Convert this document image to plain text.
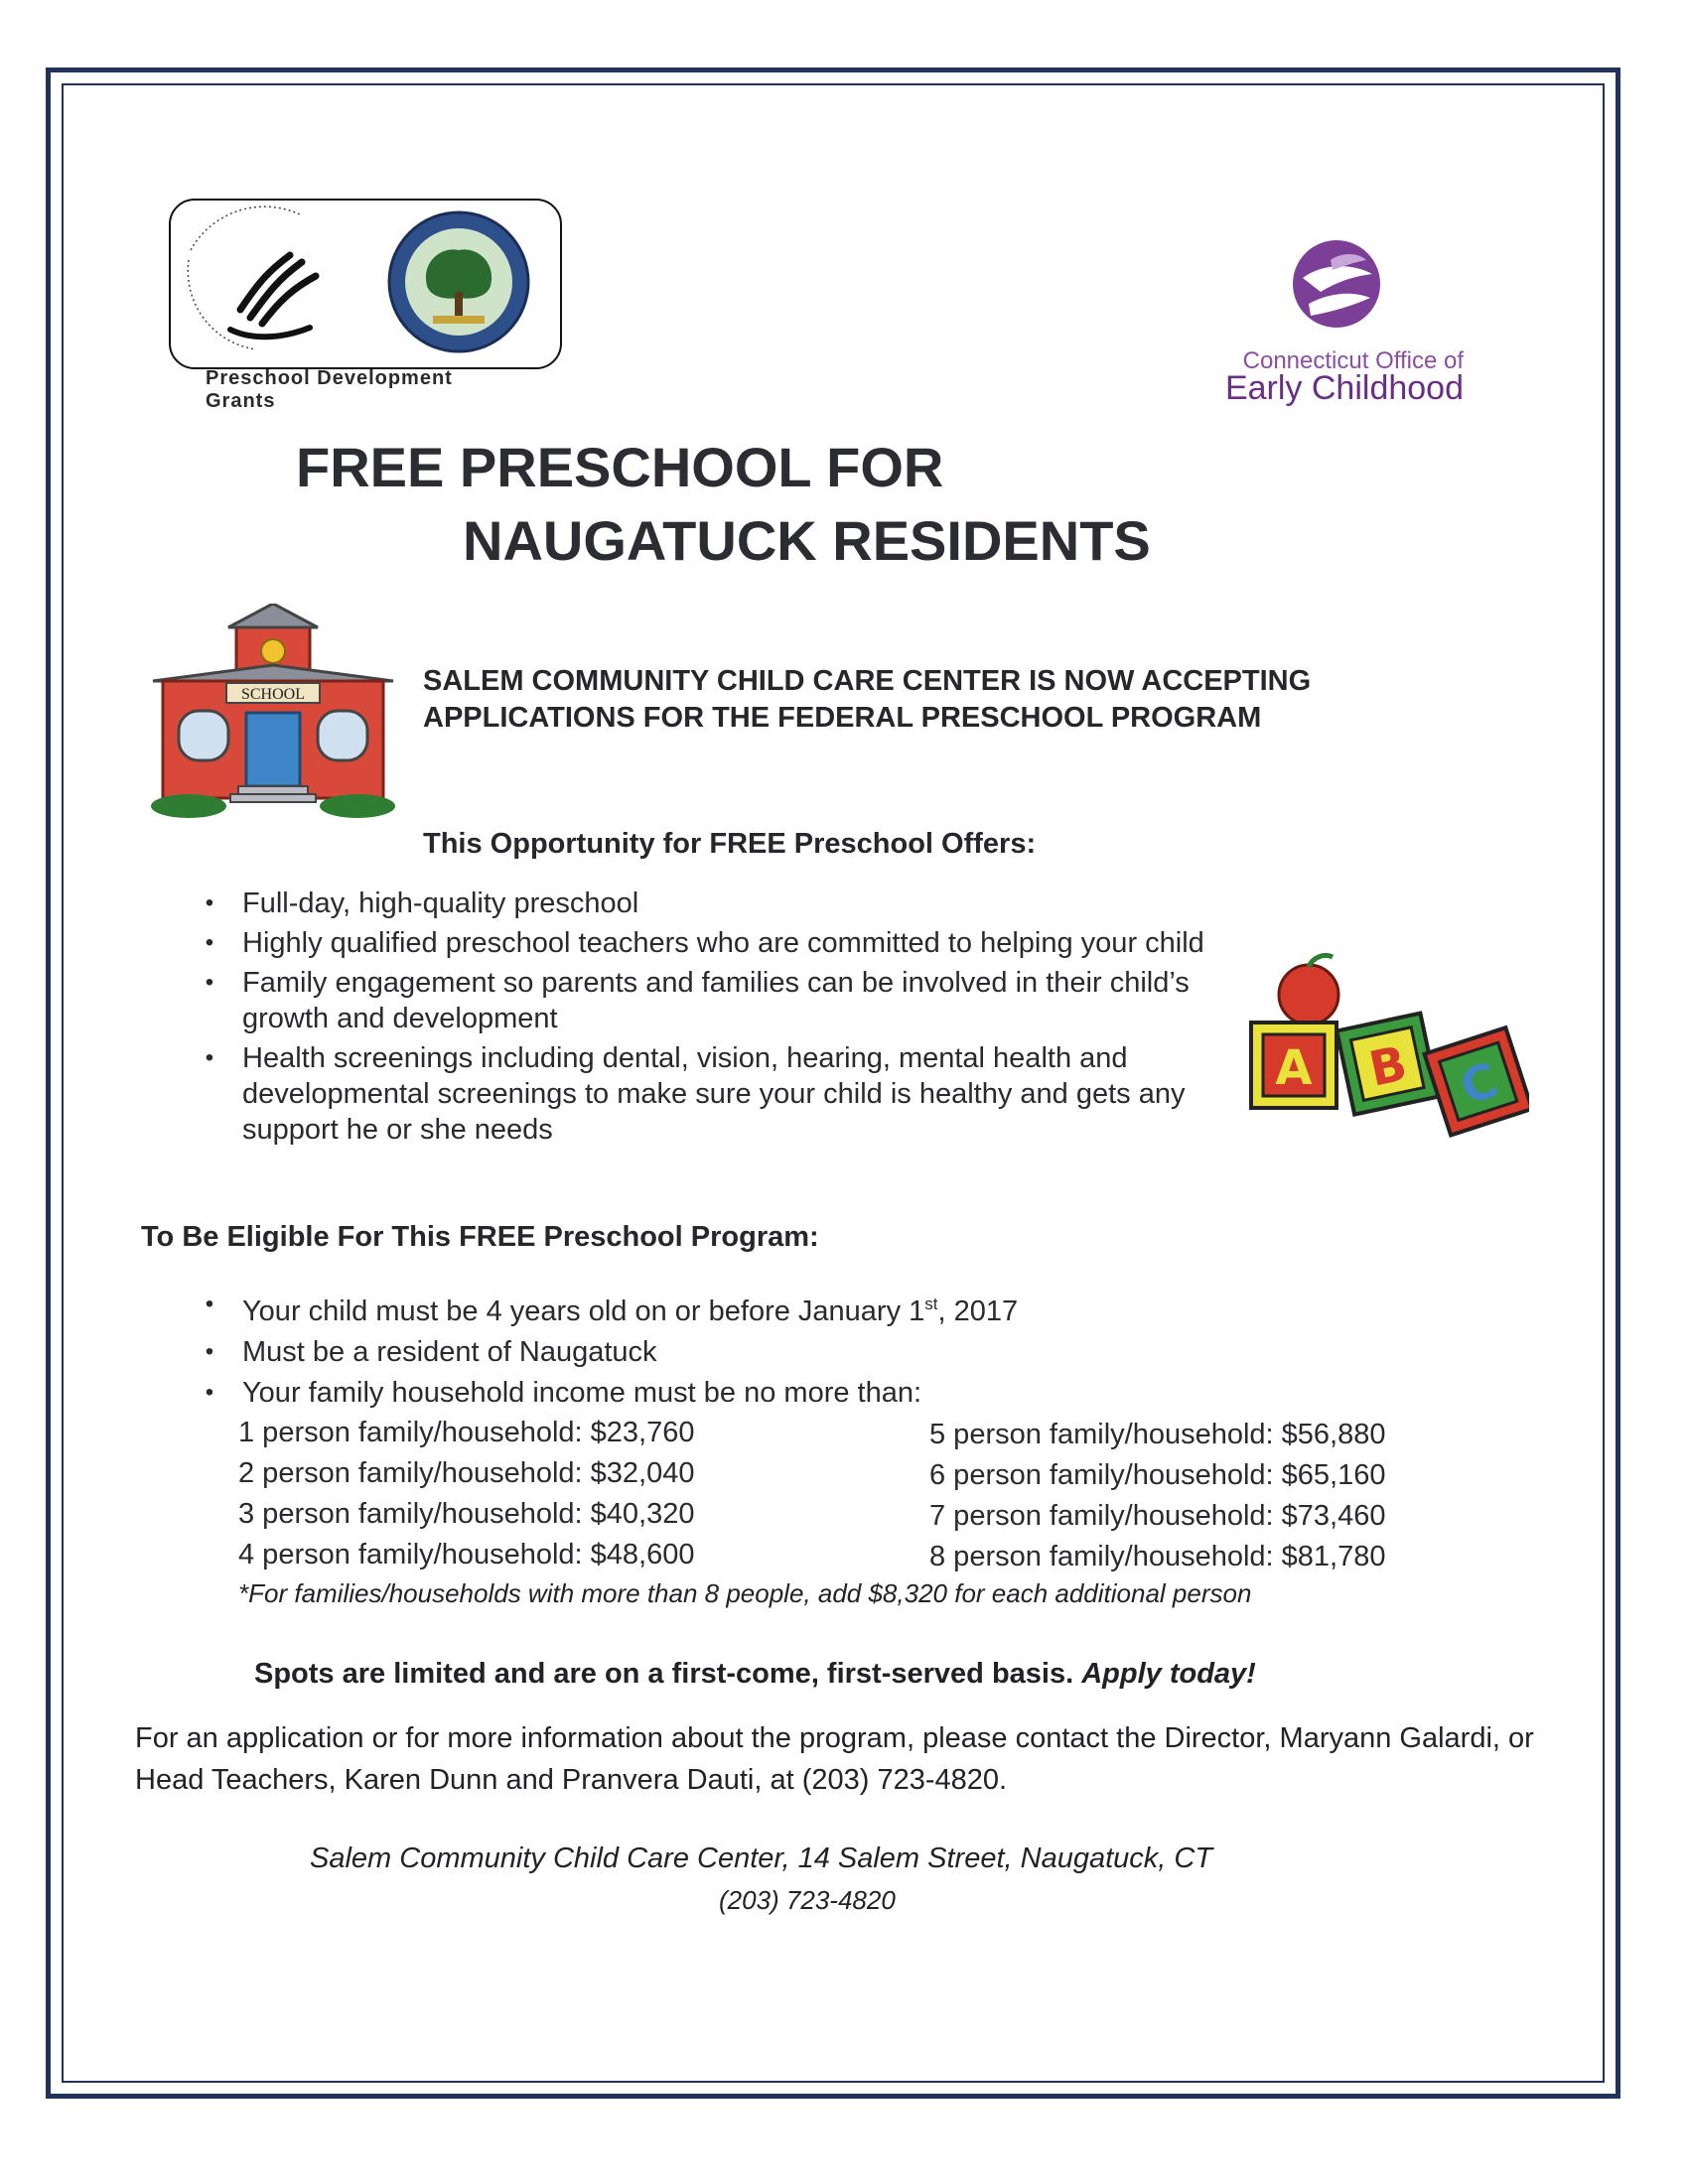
Preschool Development
Grants
Connecticut Office of
Early Childhood
FREE PRESCHOOL FOR
NAUGATUCK RESIDENTS
SCHOOL	SALEM COMMUNITY CHILD CARE CENTER IS NOW ACCEPTING
APPLICATIONS FOR THE FEDERAL PRESCHOOL PROGRAM
This Opportunity for FREE Preschool Offers:
• Full-day, high-quality preschool
• Highly qualified preschool teachers who are committed to helping your child
• Family engagement so parents and families can be involved in their child’s growth and development
• Health screenings including dental, vision, hearing, mental health and developmental screenings to make sure your child is healthy and gets any support he or she needs
A B C
To Be Eligible For This FREE Preschool Program:
• Your child must be 4 years old on or before January 1st, 2017
• Must be a resident of Naugatuck
• Your family household income must be no more than:
1 person family/household: $23,760
2 person family/household: $32,040
3 person family/household: $40,320
4 person family/household: $48,600
5 person family/household: $56,880
6 person family/household: $65,160
7 person family/household: $73,460
8 person family/household: $81,780
*For families/households with more than 8 people, add $8,320 for each additional person
Spots are limited and are on a first-come, first-served basis. Apply today!
For an application or for more information about the program, please contact the Director, Maryann Galardi, or Head Teachers, Karen Dunn and Pranvera Dauti, at (203) 723-4820.
Salem Community Child Care Center, 14 Salem Street, Naugatuck, CT
(203) 723-4820
